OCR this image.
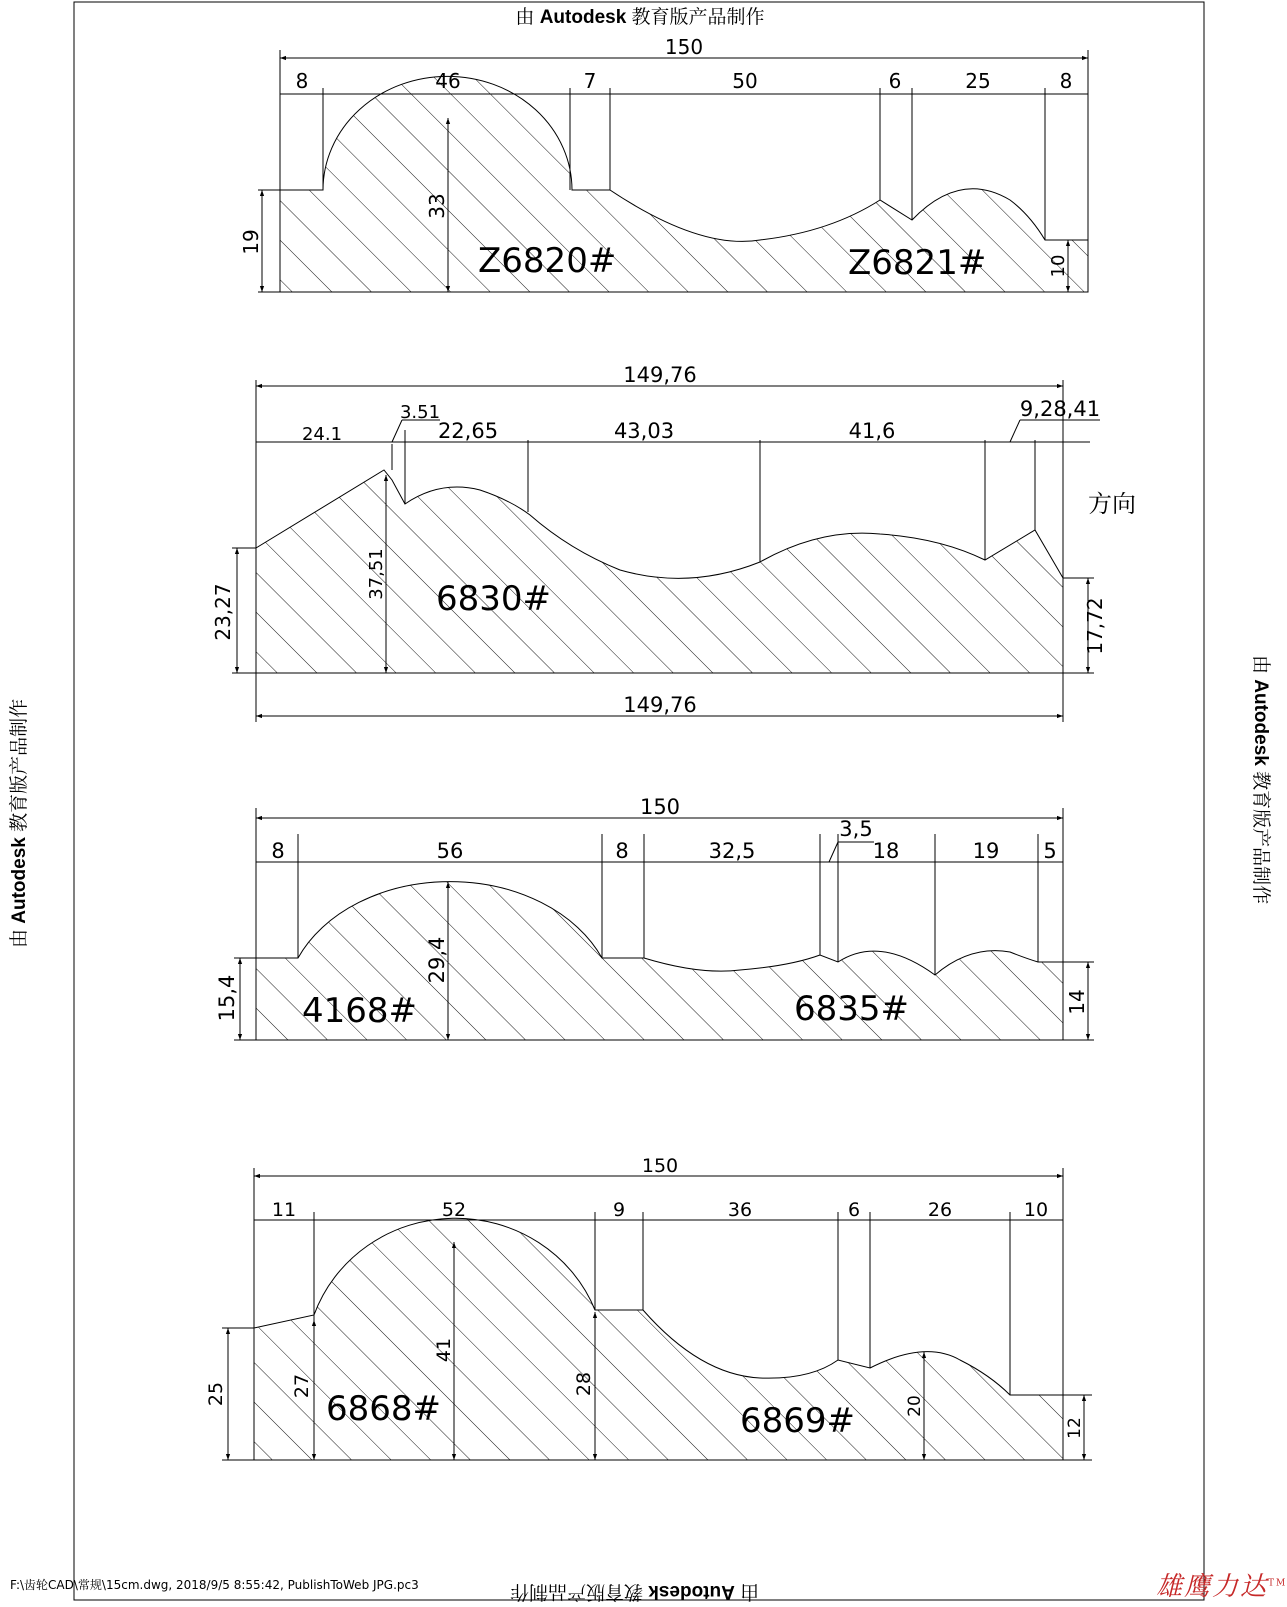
150
8	46	7	50	6	25	8
19
33
10
Z6820#	Z6821#
149,76
24.1
3.51
22,65	43,03	41,6
9,28,41
方向
23,27
37,51
17,72
6830#
149,76
150
8	56	8	32,5
3,5
18	19 5
15,4
29,4
14
4168#	6835#
150
11	52	9	36	6	26	10
25	27
41
28
20
12
6868#	6869#
由 Autodesk 教育版产品制作
由 Autodesk 教育版产品制作
由 Autodesk 教育版产品制作
由 Autodesk 教育版产品制作
F:\齿轮CAD\常规\15cm.dwg, 2018/9/5 8:55:42, PublishToWeb JPG.pc3	雄鹰力达™
